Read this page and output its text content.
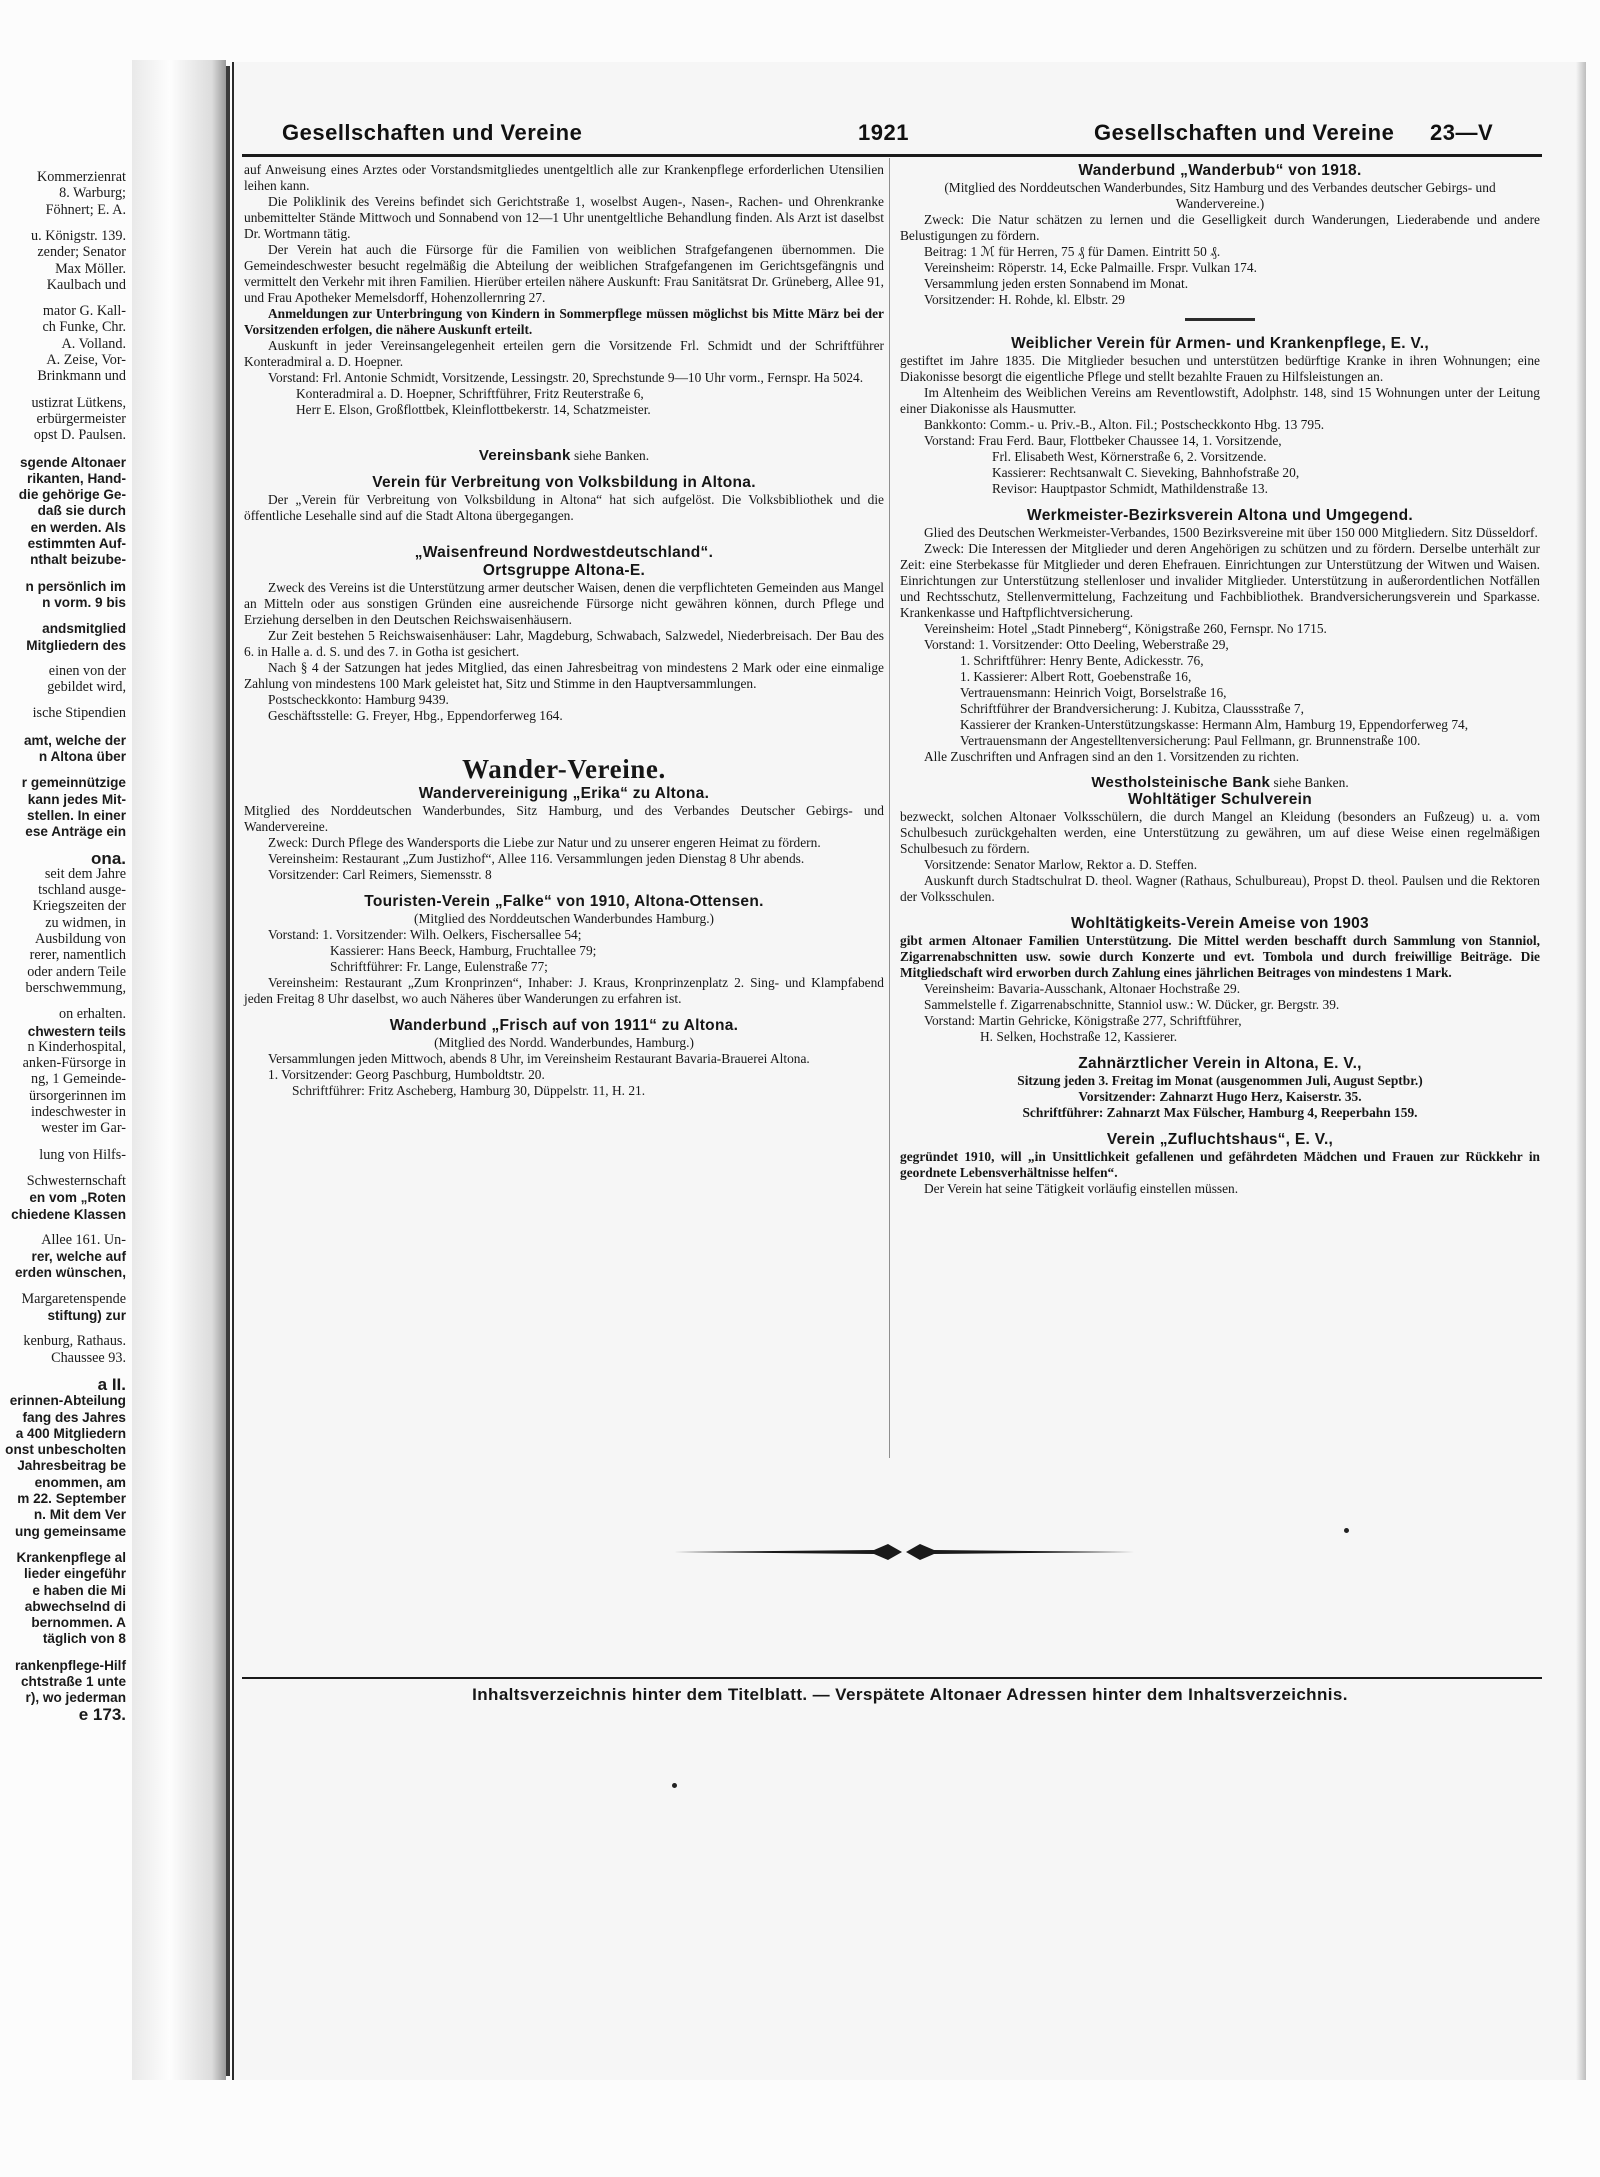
Kommerzienrat
8. Warburg;
Föhnert; E. A.
u. Königstr. 139.
zender; Senator
Max Möller.
Kaulbach und
mator G. Kall-
ch Funke, Chr.
A. Volland.
A. Zeise, Vor-
Brinkmann und
ustizrat Lütkens,
erbürgermeister
opst D. Paulsen.
sgende Altonaer
rikanten, Hand-
die gehörige Ge-
daß sie durch
en werden. Als
estimmten Auf-
nthalt beizube-
n persönlich im
n vorm. 9 bis
andsmitglied
Mitgliedern des
einen von der
gebildet wird,
ische Stipendien
amt, welche der
n Altona über
r gemeinnützige
kann jedes Mit-
stellen. In einer
ese Anträge ein
ona.
seit dem Jahre
tschland ausge-
Kriegszeiten der
zu widmen, in
Ausbildung von
rerer, namentlich
oder andern Teile
berschwemmung,
on erhalten.
chwestern teils
n Kinderhospital,
anken-Fürsorge in
ng, 1 Gemeinde-
ürsorgerinnen im
indeschwester in
wester im Gar-
lung von Hilfs-
Schwesternschaft
en vom „Roten
chiedene Klassen
Allee 161. Un-
rer, welche auf
erden wünschen,
Margaretenspende
stiftung) zur
kenburg, Rathaus.
Chaussee 93.
a II.
erinnen-Abteilung
fang des Jahres
a 400 Mitgliedern
onst unbescholten
Jahresbeitrag be
enommen, am
m 22. September
n. Mit dem Ver
ung gemeinsame
Krankenpflege al
lieder eingeführ
e haben die Mi
abwechselnd di
bernommen. A
täglich von 8
rankenpflege-Hilf
chtstraße 1 unte
r), wo jederman
e 173.
Gesellschaften und Vereine	1921	Gesellschaften und Vereine 23—V

auf Anweisung eines Arztes oder Vorstandsmitgliedes unentgeltlich alle zur Krankenpflege erforderlichen Utensilien leihen kann.

Die Poliklinik des Vereins befindet sich Gerichtstraße 1, woselbst Augen-, Nasen-, Rachen- und Ohrenkranke unbemittelter Stände Mittwoch und Sonnabend von 12—1 Uhr unentgeltliche Behandlung finden. Als Arzt ist daselbst Dr. Wortmann tätig.

Der Verein hat auch die Fürsorge für die Familien von weiblichen Strafgefangenen übernommen. Die Gemeindeschwester besucht regelmäßig die Abteilung der weiblichen Strafgefangenen im Gerichtsgefängnis und vermittelt den Verkehr mit ihren Familien. Hierüber erteilen nähere Auskunft: Frau Sanitätsrat Dr. Grüneberg, Allee 91, und Frau Apotheker Memelsdorff, Hohenzollernring 27.

Anmeldungen zur Unterbringung von Kindern in Sommerpflege müssen möglichst bis Mitte März bei der Vorsitzenden erfolgen, die nähere Auskunft erteilt.

Auskunft in jeder Vereinsangelegenheit erteilen gern die Vorsitzende Frl. Schmidt und der Schriftführer Konteradmiral a. D. Hoepner.

Vorstand: Frl. Antonie Schmidt, Vorsitzende, Lessingstr. 20, Sprechstunde 9—10 Uhr vorm., Fernspr. Ha 5024.

Konteradmiral a. D. Hoepner, Schriftführer, Fritz Reuterstraße 6,

Herr E. Elson, Großflottbek, Kleinflottbekerstr. 14, Schatzmeister.

Vereinsbank siehe Banken.

Verein für Verbreitung von Volksbildung in Altona.

Der „Verein für Verbreitung von Volksbildung in Altona“ hat sich aufgelöst. Die Volksbibliothek und die öffentliche Lesehalle sind auf die Stadt Altona übergegangen.

„Waisenfreund Nordwestdeutschland“.

Ortsgruppe Altona-E.

Zweck des Vereins ist die Unterstützung armer deutscher Waisen, denen die verpflichteten Gemeinden aus Mangel an Mitteln oder aus sonstigen Gründen eine ausreichende Fürsorge nicht gewähren können, durch Pflege und Erziehung derselben in den Deutschen Reichswaisenhäusern.

Zur Zeit bestehen 5 Reichswaisenhäuser: Lahr, Magdeburg, Schwabach, Salzwedel, Niederbreisach. Der Bau des 6. in Halle a. d. S. und des 7. in Gotha ist gesichert.

Nach § 4 der Satzungen hat jedes Mitglied, das einen Jahresbeitrag von mindestens 2 Mark oder eine einmalige Zahlung von mindestens 100 Mark geleistet hat, Sitz und Stimme in den Hauptversammlungen.

Postscheckkonto: Hamburg 9439.

Geschäftsstelle: G. Freyer, Hbg., Eppendorferweg 164.

Wander-Vereine.

Wandervereinigung „Erika“ zu Altona.

Mitglied des Norddeutschen Wanderbundes, Sitz Hamburg, und des Verbandes Deutscher Gebirgs- und Wandervereine.

Zweck: Durch Pflege des Wandersports die Liebe zur Natur und zu unserer engeren Heimat zu fördern.

Vereinsheim: Restaurant „Zum Justizhof“, Allee 116. Versammlungen jeden Dienstag 8 Uhr abends.

Vorsitzender: Carl Reimers, Siemensstr. 8

Touristen-Verein „Falke“ von 1910, Altona-Ottensen.

(Mitglied des Norddeutschen Wanderbundes Hamburg.)

Vorstand: 1. Vorsitzender: Wilh. Oelkers, Fischersallee 54;

Kassierer: Hans Beeck, Hamburg, Fruchtallee 79;

Schriftführer: Fr. Lange, Eulenstraße 77;

Vereinsheim: Restaurant „Zum Kronprinzen“, Inhaber: J. Kraus, Kronprinzenplatz 2. Sing- und Klampfabend jeden Freitag 8 Uhr daselbst, wo auch Näheres über Wanderungen zu erfahren ist.

Wanderbund „Frisch auf von 1911“ zu Altona.

(Mitglied des Nordd. Wanderbundes, Hamburg.)

Versammlungen jeden Mittwoch, abends 8 Uhr, im Vereinsheim Restaurant Bavaria-Brauerei Altona.

1. Vorsitzender: Georg Paschburg, Humboldtstr. 20.

Schriftführer: Fritz Ascheberg, Hamburg 30, Düppelstr. 11, H. 21.

Wanderbund „Wanderbub“ von 1918.

(Mitglied des Norddeutschen Wanderbundes, Sitz Hamburg und des Verbandes deutscher Gebirgs- und Wandervereine.)

Zweck: Die Natur schätzen zu lernen und die Geselligkeit durch Wanderungen, Liederabende und andere Belustigungen zu fördern.

Beitrag: 1 ℳ für Herren, 75 ₰ für Damen. Eintritt 50 ₰.

Vereinsheim: Röperstr. 14, Ecke Palmaille. Frspr. Vulkan 174.

Versammlung jeden ersten Sonnabend im Monat.

Vorsitzender: H. Rohde, kl. Elbstr. 29

Weiblicher Verein für Armen- und Krankenpflege, E. V.,

gestiftet im Jahre 1835. Die Mitglieder besuchen und unterstützen bedürftige Kranke in ihren Wohnungen; eine Diakonisse besorgt die eigentliche Pflege und stellt bezahlte Frauen zu Hilfsleistungen an.

Im Altenheim des Weiblichen Vereins am Reventlowstift, Adolphstr. 148, sind 15 Wohnungen unter der Leitung einer Diakonisse als Hausmutter.

Bankkonto: Comm.- u. Priv.-B., Alton. Fil.; Postscheckkonto Hbg. 13 795.

Vorstand: Frau Ferd. Baur, Flottbeker Chaussee 14, 1. Vorsitzende,

Frl. Elisabeth West, Körnerstraße 6, 2. Vorsitzende.

Kassierer: Rechtsanwalt C. Sieveking, Bahnhofstraße 20,

Revisor: Hauptpastor Schmidt, Mathildenstraße 13.

Werkmeister-Bezirksverein Altona und Umgegend.

Glied des Deutschen Werkmeister-Verbandes, 1500 Bezirksvereine mit über 150 000 Mitgliedern. Sitz Düsseldorf.

Zweck: Die Interessen der Mitglieder und deren Angehörigen zu schützen und zu fördern. Derselbe unterhält zur Zeit: eine Sterbekasse für Mitglieder und deren Ehefrauen. Einrichtungen zur Unterstützung der Witwen und Waisen. Einrichtungen zur Unterstützung stellenloser und invalider Mitglieder. Unterstützung in außerordentlichen Notfällen und Rechtsschutz, Stellenvermittelung, Fachzeitung und Fachbibliothek. Brandversicherungsverein und Sparkasse. Krankenkasse und Haftpflichtversicherung.

Vereinsheim: Hotel „Stadt Pinneberg“, Königstraße 260, Fernspr. No 1715.

Vorstand: 1. Vorsitzender: Otto Deeling, Weberstraße 29,

1. Schriftführer: Henry Bente, Adickesstr. 76,

1. Kassierer: Albert Rott, Goebenstraße 16,

Vertrauensmann: Heinrich Voigt, Borselstraße 16,

Schriftführer der Brandversicherung: J. Kubitza, Claussstraße 7,

Kassierer der Kranken-Unterstützungskasse: Hermann Alm, Hamburg 19, Eppendorferweg 74,

Vertrauensmann der Angestelltenversicherung: Paul Fellmann, gr. Brunnenstraße 100.

Alle Zuschriften und Anfragen sind an den 1. Vorsitzenden zu richten.

Westholsteinische Bank siehe Banken.

Wohltätiger Schulverein

bezweckt, solchen Altonaer Volksschülern, die durch Mangel an Kleidung (besonders an Fußzeug) u. a. vom Schulbesuch zurückgehalten werden, eine Unterstützung zu gewähren, um auf diese Weise einen regelmäßigen Schulbesuch zu fördern.

Vorsitzende: Senator Marlow, Rektor a. D. Steffen.

Auskunft durch Stadtschulrat D. theol. Wagner (Rathaus, Schulbureau), Propst D. theol. Paulsen und die Rektoren der Volksschulen.

Wohltätigkeits-Verein Ameise von 1903

gibt armen Altonaer Familien Unterstützung. Die Mittel werden beschafft durch Sammlung von Stanniol, Zigarrenabschnitten usw. sowie durch Konzerte und evt. Tombola und durch freiwillige Beiträge. Die Mitgliedschaft wird erworben durch Zahlung eines jährlichen Beitrages von mindestens 1 Mark.

Vereinsheim: Bavaria-Ausschank, Altonaer Hochstraße 29.

Sammelstelle f. Zigarrenabschnitte, Stanniol usw.: W. Dücker, gr. Bergstr. 39.

Vorstand: Martin Gehricke, Königstraße 277, Schriftführer,

H. Selken, Hochstraße 12, Kassierer.

Zahnärztlicher Verein in Altona, E. V.,

Sitzung jeden 3. Freitag im Monat (ausgenommen Juli, August Septbr.)

Vorsitzender: Zahnarzt Hugo Herz, Kaiserstr. 35.

Schriftführer: Zahnarzt Max Fülscher, Hamburg 4, Reeperbahn 159.

Verein „Zufluchtshaus“, E. V.,

gegründet 1910, will „in Unsittlichkeit gefallenen und gefährdeten Mädchen und Frauen zur Rückkehr in geordnete Lebensverhältnisse helfen“.

Der Verein hat seine Tätigkeit vorläufig einstellen müssen.

Inhaltsverzeichnis hinter dem Titelblatt. — Verspätete Altonaer Adressen hinter dem Inhaltsverzeichnis.
